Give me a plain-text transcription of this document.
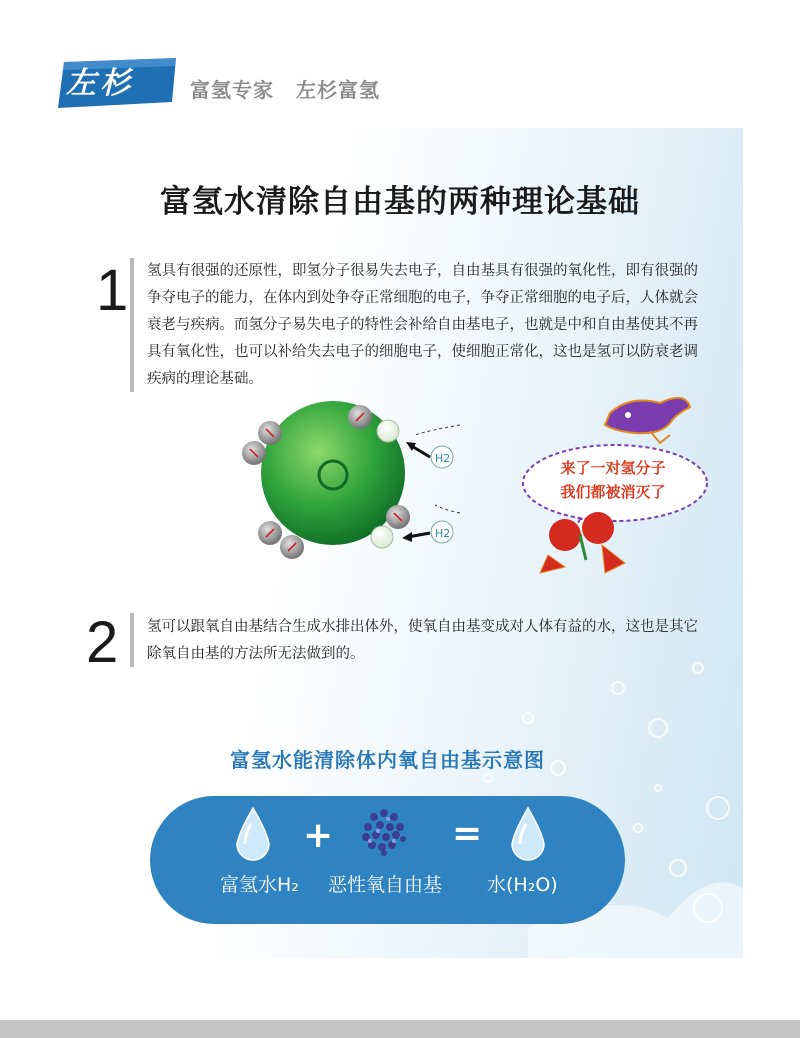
左杉	富氢专家 左杉富氢
富氢水清除自由基的两种理论基础
1 氢具有很强的还原性，即氢分子很易失去电子，自由基具有很强的氧化性，即有很强的争夺电子的能力，在体内到处争夺正常细胞的电子，争夺正常细胞的电子后，人体就会衰老与疾病。而氢分子易失电子的特性会补给自由基电子，也就是中和自由基使其不再具有氧化性，也可以补给失去电子的细胞电子，使细胞正常化，这也是氢可以防衰老调疾病的理论基础。
H2
H2
来了一对氢分子
我们都被消灭了
2 氢可以跟氧自由基结合生成水排出体外，使氧自由基变成对人体有益的水，这也是其它除氧自由基的方法所无法做到的。
富氢水能清除体内氧自由基示意图
+	=
富氢水H₂ 恶性氧自由基 水(H₂O)
